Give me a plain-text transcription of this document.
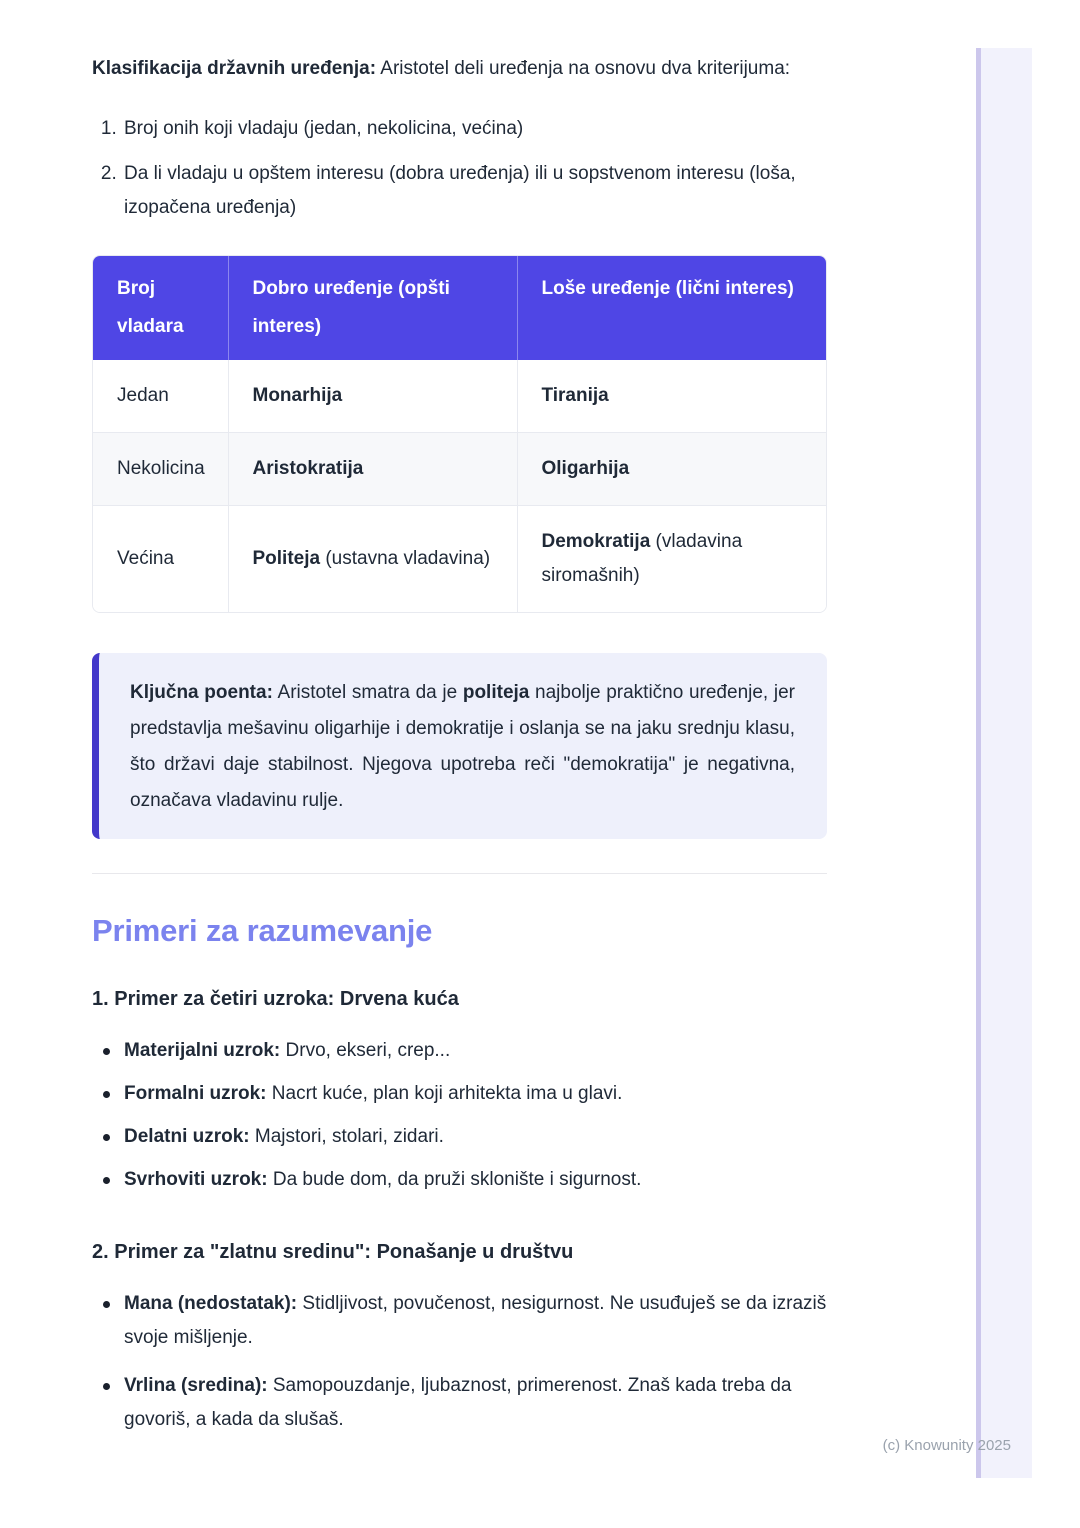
Klasifikacija državnih uređenja: Aristotel deli uređenja na osnovu dva kriterijuma:

1. Broj onih koji vladaju (jedan, nekolicina, većina)
2. Da li vladaju u opštem interesu (dobra uređenja) ili u sopstvenom interesu (loša, izopačena uređenja)
Broj vladara	Dobro uređenje (opšti interes)	Loše uređenje (lični interes)
Jedan	Monarhija	Tiranija
Nekolicina	Aristokratija	Oligarhija
Većina	Politeja (ustavna vladavina)	Demokratija (vladavina siromašnih)

Ključna poenta: Aristotel smatra da je politeja najbolje praktično uređenje, jer predstavlja mešavinu oligarhije i demokratije i oslanja se na jaku srednju klasu, što državi daje stabilnost. Njegova upotreba reči "demokratija" je negativna, označava vladavinu rulje.

Primeri za razumevanje
1. Primer za četiri uzroka: Drvena kuća
Materijalni uzrok: Drvo, ekseri, crep...
Formalni uzrok: Nacrt kuće, plan koji arhitekta ima u glavi.
Delatni uzrok: Majstori, stolari, zidari.
Svrhoviti uzrok: Da bude dom, da pruži sklonište i sigurnost.
2. Primer za "zlatnu sredinu": Ponašanje u društvu
Mana (nedostatak): Stidljivost, povučenost, nesigurnost. Ne usuđuješ se da izraziš svoje mišljenje.
Vrlina (sredina): Samopouzdanje, ljubaznost, primerenost. Znaš kada treba da govoriš, a kada da slušaš.
(c) Knowunity 2025
